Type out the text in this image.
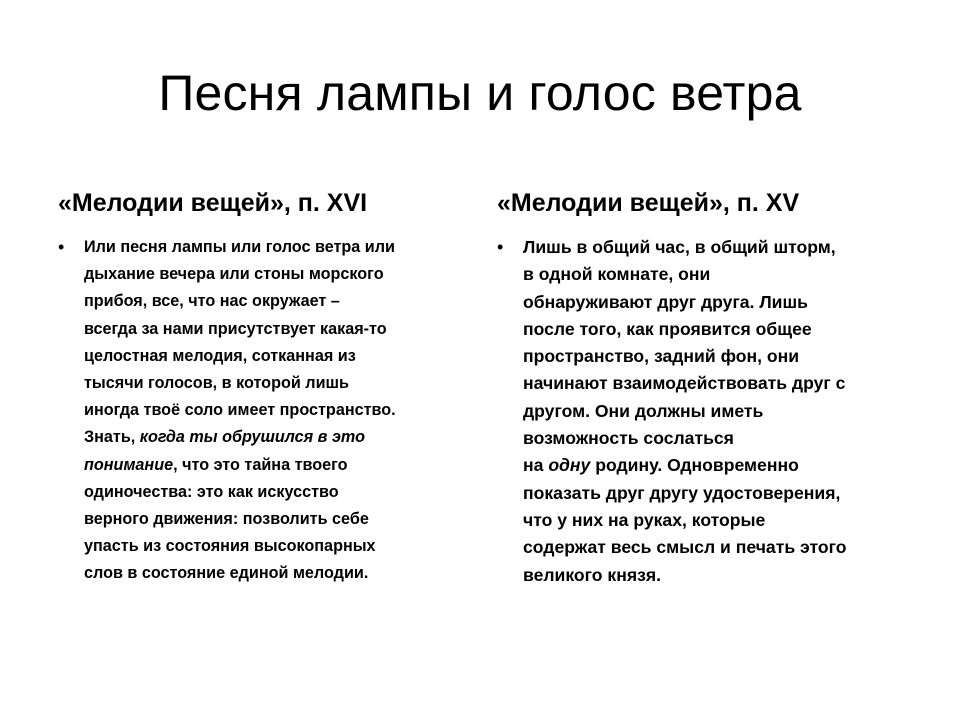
Песня лампы и голос ветра
«Мелодии вещей», п. XVI
• Или песня лампы или голос ветра или
дыхание вечера или стоны морского
прибоя, все, что нас окружает –
всегда за нами присутствует какая-то
целостная мелодия, сотканная из
тысячи голосов, в которой лишь
иногда твоё соло имеет пространство.
Знать, когда ты обрушился в это
понимание, что это тайна твоего
одиночества: это как искусство
верного движения: позволить себе
упасть из состояния высокопарных
слов в состояние единой мелодии.
«Мелодии вещей», п. XV
• Лишь в общий час, в общий шторм,
в одной комнате, они
обнаруживают друг друга. Лишь
после того, как проявится общее
пространство, задний фон, они
начинают взаимодействовать друг с
другом. Они должны иметь
возможность сослаться
на одну родину. Одновременно
показать друг другу удостоверения,
что у них на руках, которые
содержат весь смысл и печать этого
великого князя.
